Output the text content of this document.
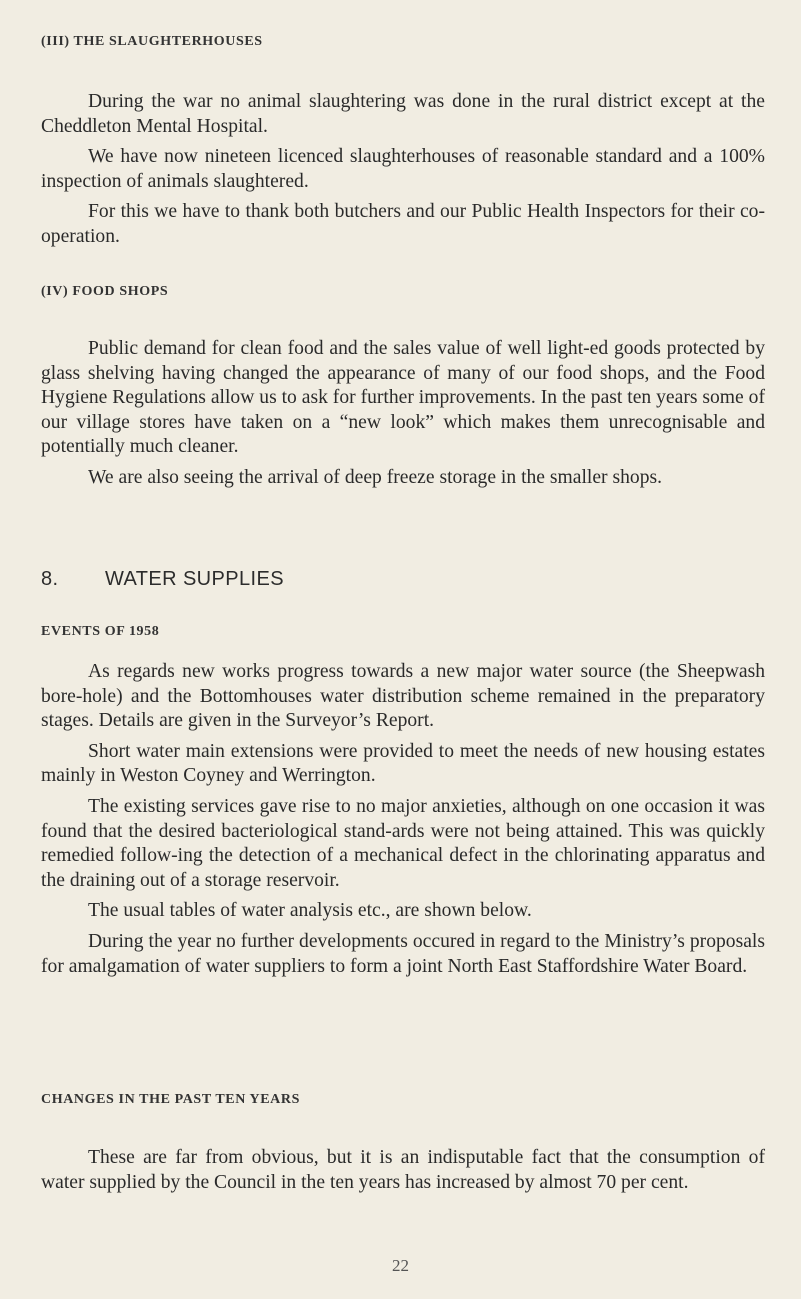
(III) THE SLAUGHTERHOUSES

During the war no animal slaughtering was done in the rural district except at the Cheddleton Mental Hospital.

We have now nineteen licenced slaughterhouses of reasonable standard and a 100% inspection of animals slaughtered.

For this we have to thank both butchers and our Public Health Inspectors for their co-operation.

(IV) FOOD SHOPS

Public demand for clean food and the sales value of well light-ed goods protected by glass shelving having changed the appearance of many of our food shops, and the Food Hygiene Regulations allow us to ask for further improvements. In the past ten years some of our village stores have taken on a “new look” which makes them unrecognisable and potentially much cleaner.

We are also seeing the arrival of deep freeze storage in the smaller shops.

8. WATER SUPPLIES
EVENTS OF 1958

As regards new works progress towards a new major water source (the Sheepwash bore-hole) and the Bottomhouses water distribution scheme remained in the preparatory stages. Details are given in the Surveyor’s Report.

Short water main extensions were provided to meet the needs of new housing estates mainly in Weston Coyney and Werrington.

The existing services gave rise to no major anxieties, although on one occasion it was found that the desired bacteriological stand-ards were not being attained. This was quickly remedied follow-ing the detection of a mechanical defect in the chlorinating apparatus and the draining out of a storage reservoir.

The usual tables of water analysis etc., are shown below.

During the year no further developments occured in regard to the Ministry’s proposals for amalgamation of water suppliers to form a joint North East Staffordshire Water Board.

CHANGES IN THE PAST TEN YEARS

These are far from obvious, but it is an indisputable fact that the consumption of water supplied by the Council in the ten years has increased by almost 70 per cent.

22
